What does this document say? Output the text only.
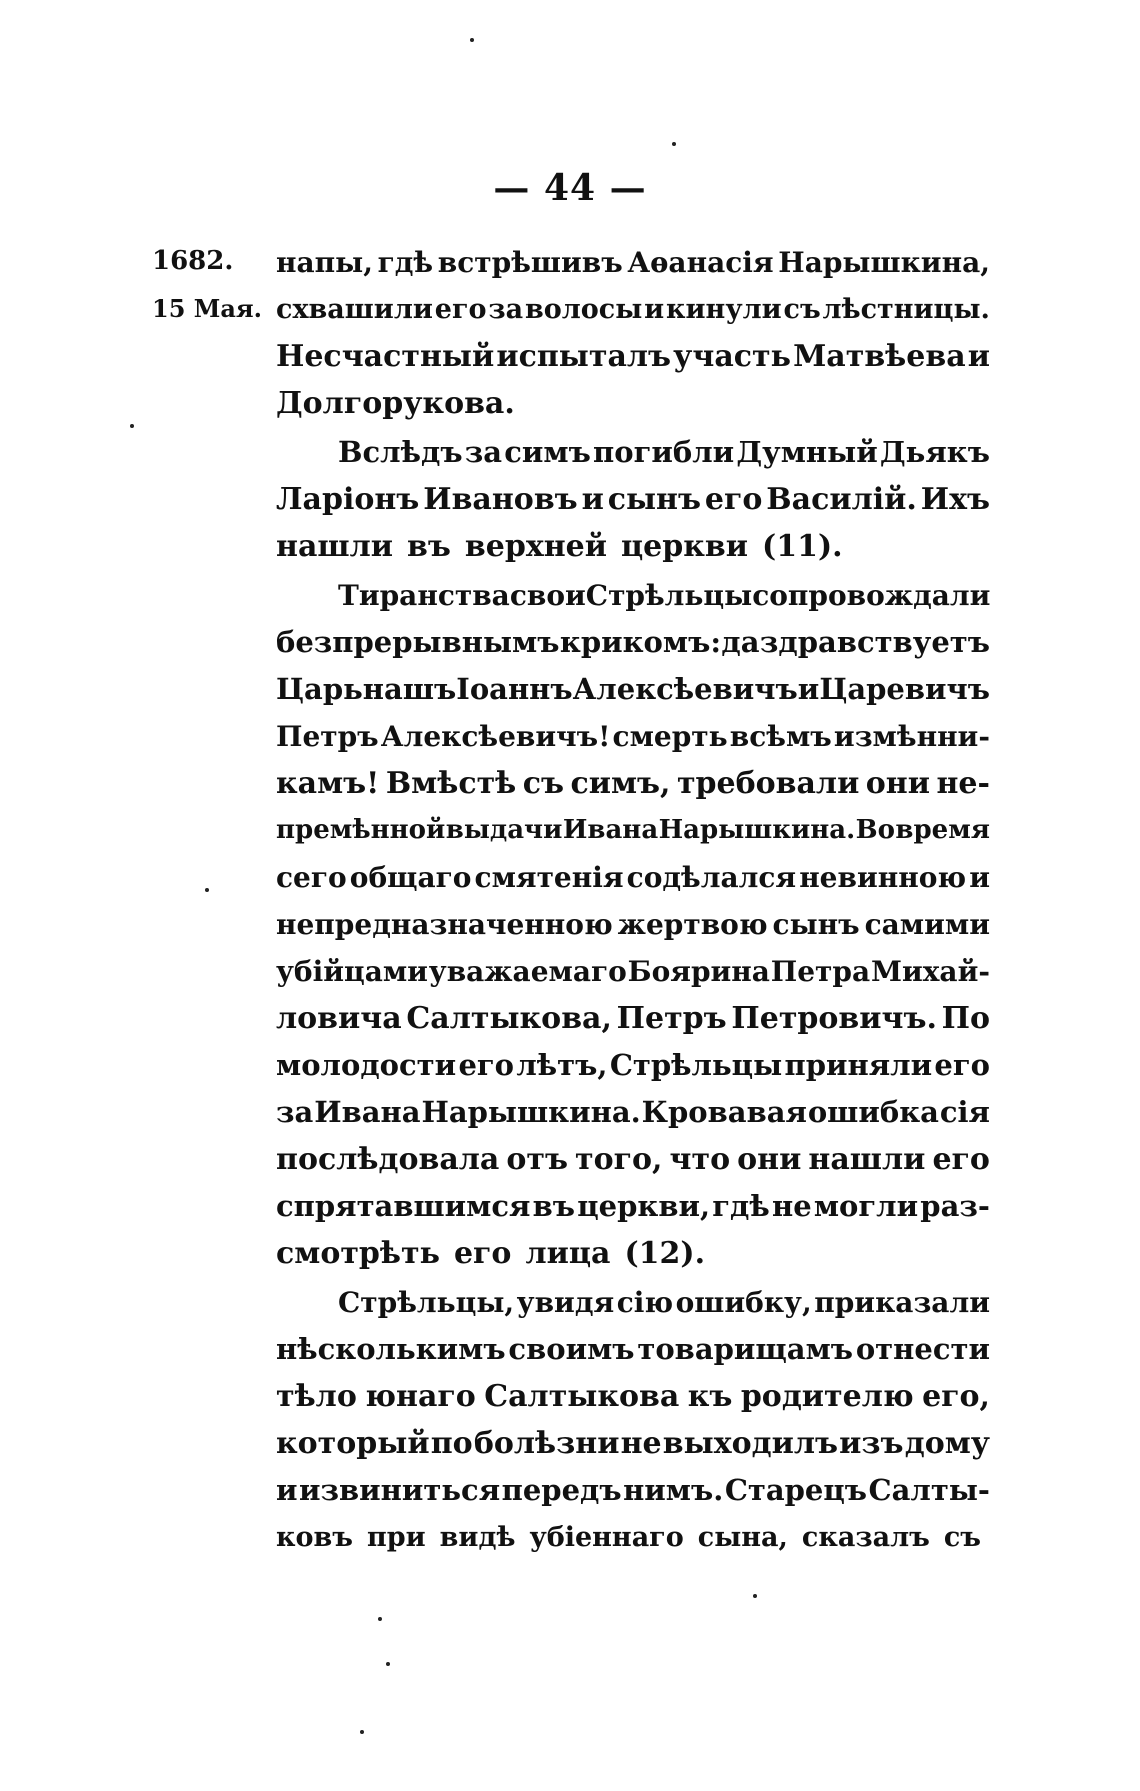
— 44 —
1682.
15 Мая.
напы, гдѣ встрѣшивъ Аѳанасія Нарышкина,
схвашили его за волосы и кинули съ лѣстницы.
Несчастный испыталъ участь Матвѣева и
Долгорукова.
Вслѣдъ за симъ погибли Думный Дьякъ
Ларіонъ Ивановъ и сынъ его Василій. Ихъ
нашли въ верхней церкви (11).
Тиранства свои Стрѣльцы сопровождали
безпрерывнымъ крикомъ: да здравствуетъ
Царь нашъ Іоаннъ Алексѣевичъ и Царевичъ
Петръ Алексѣевичъ! смерть всѣмъ измѣнни-
камъ! Вмѣстѣ съ симъ, требовали они не-
премѣнной выдачи Ивана Нарышкина. Во время
сего общаго смятенія содѣлался невинною и
непредназначенною жертвою сынъ самими
убійцами уважаемаго Боярина Петра Михай-
ловича Салтыкова, Петръ Петровичъ. По
молодости его лѣтъ, Стрѣльцы приняли его
за Ивана Нарышкина. Кровавая ошибка сія
послѣдовала отъ того, что они нашли его
спрятавшимся въ церкви, гдѣ не могли раз-
смотрѣть его лица (12).
Стрѣльцы, увидя сію ошибку, приказали
нѣсколькимъ своимъ товарищамъ отнести
тѣло юнаго Салтыкова къ родителю его,
который по болѣзни не выходилъ изъ дому
и извиниться передъ нимъ. Старецъ Салты-
ковъ при видѣ убіеннаго сына, сказалъ съ
